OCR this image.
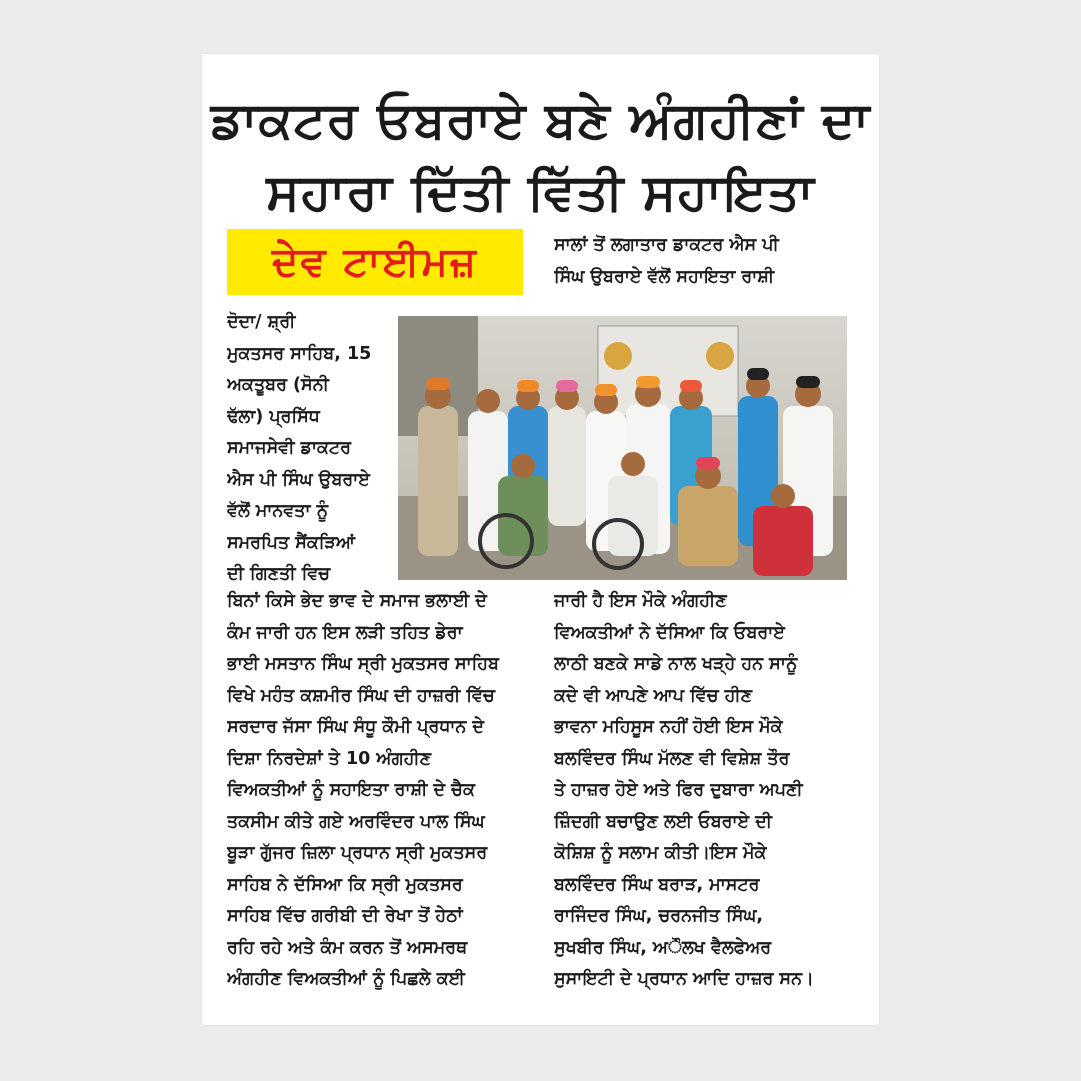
ਡਾਕਟਰ ਓਬਰਾਏ ਬਣੇ ਅੰਗਹੀਣਾਂ ਦਾ
ਸਹਾਰਾ ਦਿੱਤੀ ਵਿੱਤੀ ਸਹਾਇਤਾ
ਦੇਵ ਟਾਈਮਜ਼	ਸਾਲਾਂ ਤੋਂ ਲਗਾਤਾਰ ਡਾਕਟਰ ਐਸ ਪੀ
ਸਿੰਘ ਉਬਰਾਏ ਵੱਲੋਂ ਸਹਾਇਤਾ ਰਾਸ਼ੀ
ਦੋਦਾ/ ਸ਼੍ਰੀ
ਮੁਕਤਸਰ ਸਾਹਿਬ, 15
ਅਕਤੂਬਰ (ਸੋਨੀ
ਢੱਲਾ) ਪ੍ਰਸਿੱਧ
ਸਮਾਜਸੇਵੀ ਡਾਕਟਰ
ਐਸ ਪੀ ਸਿੰਘ ਉਬਰਾਏ
ਵੱਲੋਂ ਮਾਨਵਤਾ ਨੂੰ
ਸਮਰਪਿਤ ਸੈਂਕੜਿਆਂ
ਦੀ ਗਿਣਤੀ ਵਿਚ
ਬਿਨਾਂ ਕਿਸੇ ਭੇਦ ਭਾਵ ਦੇ ਸਮਾਜ ਭਲਾਈ ਦੇ
ਕੰਮ ਜਾਰੀ ਹਨ ਇਸ ਲੜੀ ਤਹਿਤ ਡੇਰਾ
ਭਾਈ ਮਸਤਾਨ ਸਿੰਘ ਸ੍ਰੀ ਮੁਕਤਸਰ ਸਾਹਿਬ
ਵਿਖੇ ਮਹੰਤ ਕਸ਼ਮੀਰ ਸਿੰਘ ਦੀ ਹਾਜ਼ਰੀ ਵਿੱਚ
ਸਰਦਾਰ ਜੱਸਾ ਸਿੰਘ ਸੰਧੂ ਕੌਮੀ ਪ੍ਰਧਾਨ ਦੇ
ਦਿਸ਼ਾ ਨਿਰਦੇਸ਼ਾਂ ਤੇ 10 ਅੰਗਹੀਣ
ਵਿਅਕਤੀਆਂ ਨੂੰ ਸਹਾਇਤਾ ਰਾਸ਼ੀ ਦੇ ਚੈਕ
ਤਕਸੀਮ ਕੀਤੇ ਗਏ ਅਰਵਿੰਦਰ ਪਾਲ ਸਿੰਘ
ਬੂੜਾ ਗੁੱਜਰ ਜ਼ਿਲਾ ਪ੍ਰਧਾਨ ਸ੍ਰੀ ਮੁਕਤਸਰ
ਸਾਹਿਬ ਨੇ ਦੱਸਿਆ ਕਿ ਸ੍ਰੀ ਮੁਕਤਸਰ
ਸਾਹਿਬ ਵਿੱਚ ਗਰੀਬੀ ਦੀ ਰੇਖਾ ਤੋਂ ਹੇਠਾਂ
ਰਹਿ ਰਹੇ ਅਤੇ ਕੰਮ ਕਰਨ ਤੋਂ ਅਸਮਰਥ
ਅੰਗਹੀਣ ਵਿਅਕਤੀਆਂ ਨੂੰ ਪਿਛਲੇ ਕਈ
ਜਾਰੀ ਹੈ ਇਸ ਮੌਕੇ ਅੰਗਹੀਣ
ਵਿਅਕਤੀਆਂ ਨੇ ਦੱਸਿਆ ਕਿ ਓਬਰਾਏ
ਲਾਠੀ ਬਣਕੇ ਸਾਡੇ ਨਾਲ ਖੜ੍ਹੇ ਹਨ ਸਾਨੂੰ
ਕਦੇ ਵੀ ਆਪਣੇ ਆਪ ਵਿੱਚ ਹੀਣ
ਭਾਵਨਾ ਮਹਿਸੂਸ ਨਹੀਂ ਹੋਈ ਇਸ ਮੌਕੇ
ਬਲਵਿੰਦਰ ਸਿੰਘ ਮੱਲਣ ਵੀ ਵਿਸ਼ੇਸ਼ ਤੌਰ
ਤੇ ਹਾਜ਼ਰ ਹੋਏ ਅਤੇ ਫਿਰ ਦੁਬਾਰਾ ਅਪਣੀ
ਜ਼ਿੰਦਗੀ ਬਚਾਉਣ ਲਈ ਓਬਰਾਏ ਦੀ
ਕੋਸ਼ਿਸ਼ ਨੂੰ ਸਲਾਮ ਕੀਤੀ।ਇਸ ਮੌਕੇ
ਬਲਵਿੰਦਰ ਸਿੰਘ ਬਰਾੜ, ਮਾਸਟਰ
ਰਾਜਿੰਦਰ ਸਿੰਘ, ਚਰਨਜੀਤ ਸਿੰਘ,
ਸੁਖਬੀਰ ਸਿੰਘ, ਅੌਲਖ ਵੈਲਫੇਅਰ
ਸੁਸਾਇਟੀ ਦੇ ਪ੍ਰਧਾਨ ਆਦਿ ਹਾਜ਼ਰ ਸਨ।
